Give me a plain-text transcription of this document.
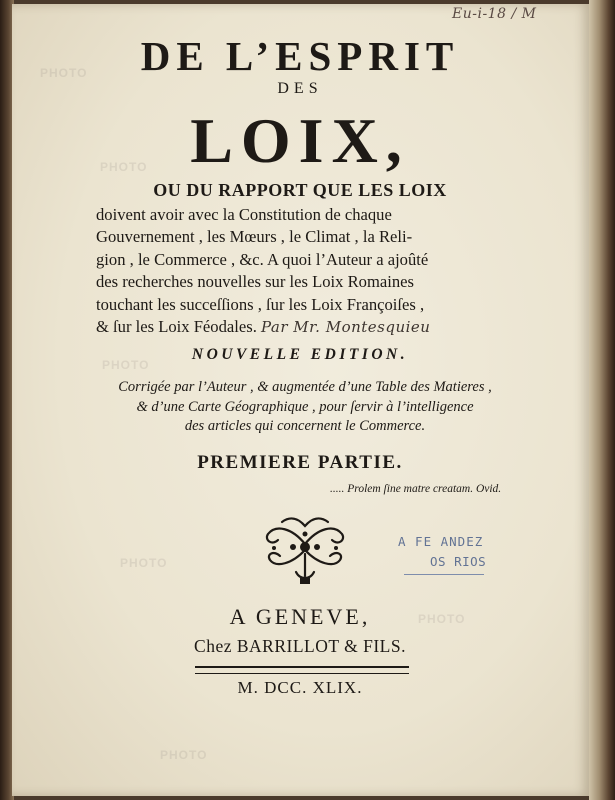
PHOTO
PHOTO
PHOTO
PHOTO
PHOTO
PHOTO
Eu-i-18 / M
DE L’ESPRIT
DES
LOIX,
OU DU RAPPORT QUE LES LOIX
doivent avoir avec la Constitution de chaque
Gouvernement , les Mœurs , le Climat , la Reli-
gion , le Commerce , &c. A quoi l’Auteur a ajoûté
des recherches nouvelles sur les Loix Romaines
touchant les succeſſions , ſur les Loix Françoiſes ,
& ſur les Loix Féodales. Par Mr. Montesquieu
NOUVELLE EDITION.
Corrigée par l’Auteur , & augmentée d’une Table des Matieres ,
& d’une Carte Géographique , pour ſervir à l’intelligence
des articles qui concernent le Commerce.
PREMIERE PARTIE.
..... Prolem ſine matre creatam. Ovid.
A FE ANDEZ
OS RIOS
A GENEVE,
Chez BARRILLOT & FILS.
M. DCC. XLIX.
